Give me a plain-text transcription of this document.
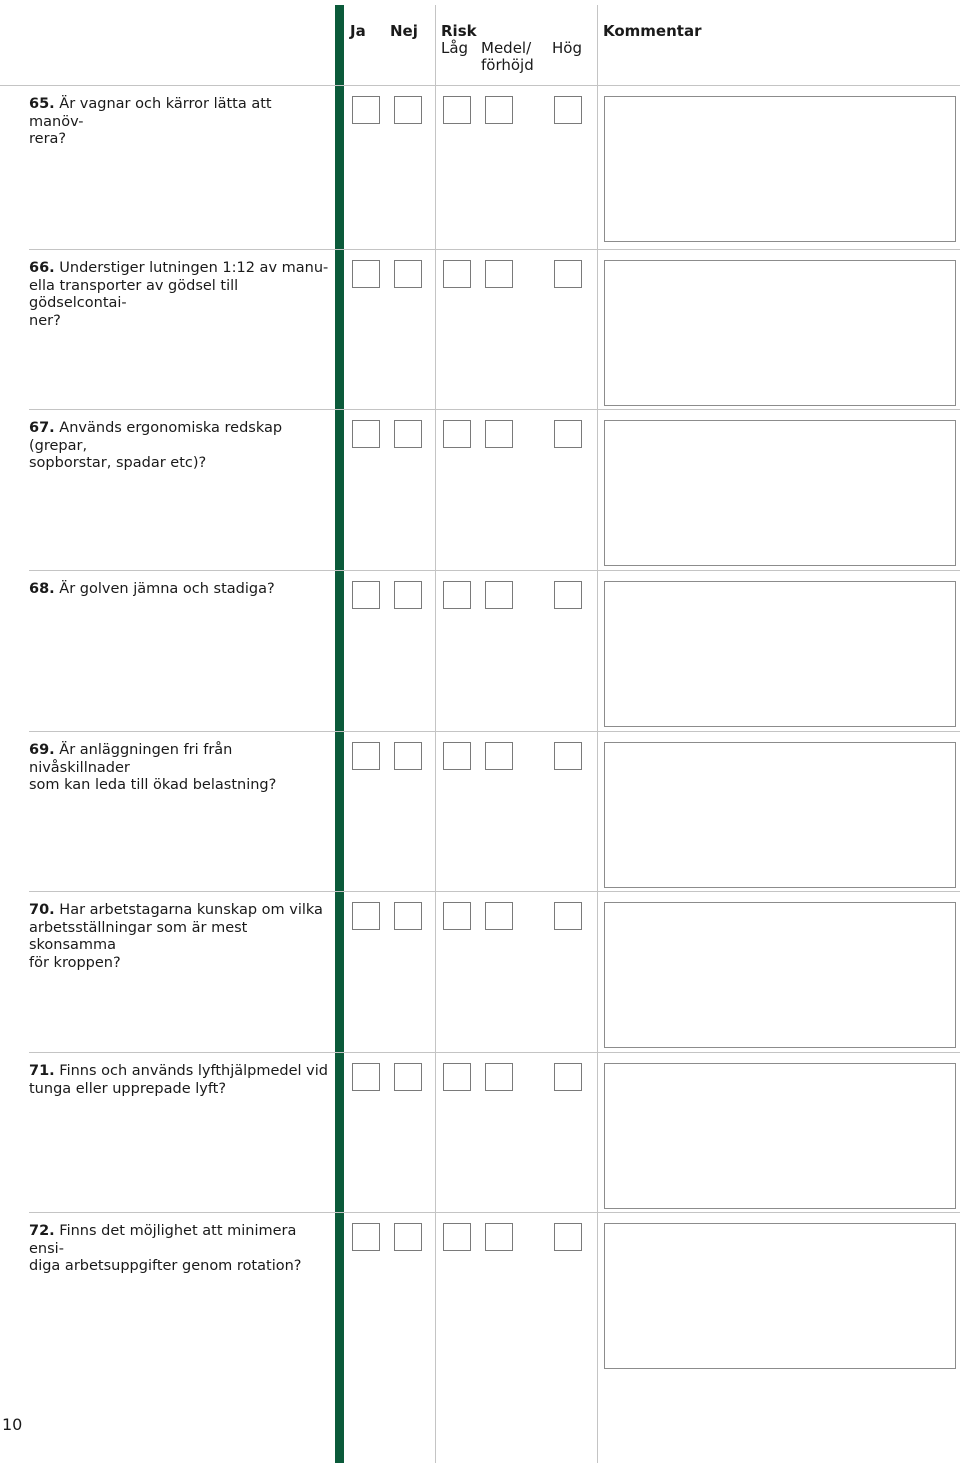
Ja Nej Risk
Låg Medel/
förhöjd
Hög
Kommentar
65. Är vagnar och kärror lätta att manöv-
rera?
66. Understiger lutningen 1:12 av manu-
ella transporter av gödsel till gödselcontai-
ner?
67. Används ergonomiska redskap (grepar,
sopborstar, spadar etc)?
68. Är golven jämna och stadiga?
69. Är anläggningen fri från nivåskillnader
som kan leda till ökad belastning?
70. Har arbetstagarna kunskap om vilka
arbetsställningar som är mest skonsamma
för kroppen?
71. Finns och används lyfthjälpmedel vid
tunga eller upprepade lyft?
72. Finns det möjlighet att minimera ensi-
diga arbetsuppgifter genom rotation?
10
